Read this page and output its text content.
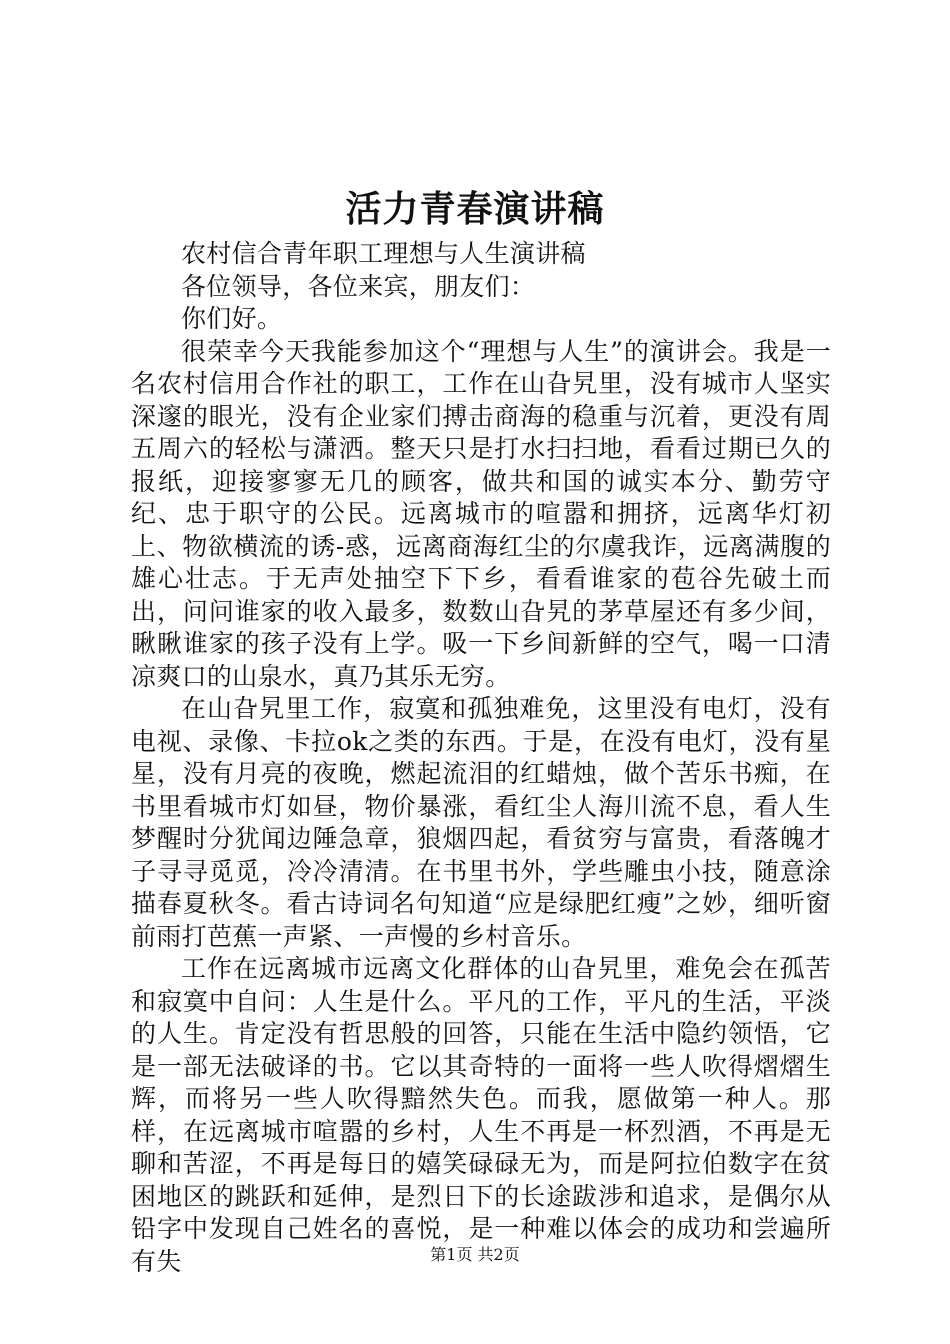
活力青春演讲稿

农村信合青年职工理想与人生演讲稿

各位领导，各位来宾，朋友们：

你们好。

很荣幸今天我能参加这个“理想与人生”的演讲会。我是一名农村信用合作社的职工，工作在山旮旯里，没有城市人坚实深邃的眼光，没有企业家们搏击商海的稳重与沉着，更没有周五周六的轻松与潇洒。整天只是打水扫扫地，看看过期已久的报纸，迎接寥寥无几的顾客，做共和国的诚实本分、勤劳守纪、忠于职守的公民。远离城市的喧嚣和拥挤，远离华灯初上、物欲横流的诱-惑，远离商海红尘的尔虞我诈，远离满腹的雄心壮志。于无声处抽空下下乡，看看谁家的苞谷先破土而出，问问谁家的收入最多，数数山旮旯的茅草屋还有多少间，瞅瞅谁家的孩子没有上学。吸一下乡间新鲜的空气，喝一口清凉爽口的山泉水，真乃其乐无穷。

在山旮旯里工作，寂寞和孤独难免，这里没有电灯，没有电视、录像、卡拉ok之类的东西。于是，在没有电灯，没有星星，没有月亮的夜晚，燃起流泪的红蜡烛，做个苦乐书痴，在书里看城市灯如昼，物价暴涨，看红尘人海川流不息，看人生梦醒时分犹闻边陲急章，狼烟四起，看贫穷与富贵，看落魄才子寻寻觅觅，冷冷清清。在书里书外，学些雕虫小技，随意涂描春夏秋冬。看古诗词名句知道“应是绿肥红瘦”之妙，细听窗前雨打芭蕉一声紧、一声慢的乡村音乐。

工作在远离城市远离文化群体的山旮旯里，难免会在孤苦和寂寞中自问：人生是什么。平凡的工作，平凡的生活，平淡的人生。肯定没有哲思般的回答，只能在生活中隐约领悟，它是一部无法破译的书。它以其奇特的一面将一些人吹得熠熠生辉，而将另一些人吹得黯然失色。而我，愿做第一种人。那样，在远离城市喧嚣的乡村，人生不再是一杯烈酒，不再是无聊和苦涩，不再是每日的嬉笑碌碌无为，而是阿拉伯数字在贫困地区的跳跃和延伸，是烈日下的长途跋涉和追求，是偶尔从铅字中发现自己姓名的喜悦，是一种难以体会的成功和尝遍所有失	第1页 共2页
